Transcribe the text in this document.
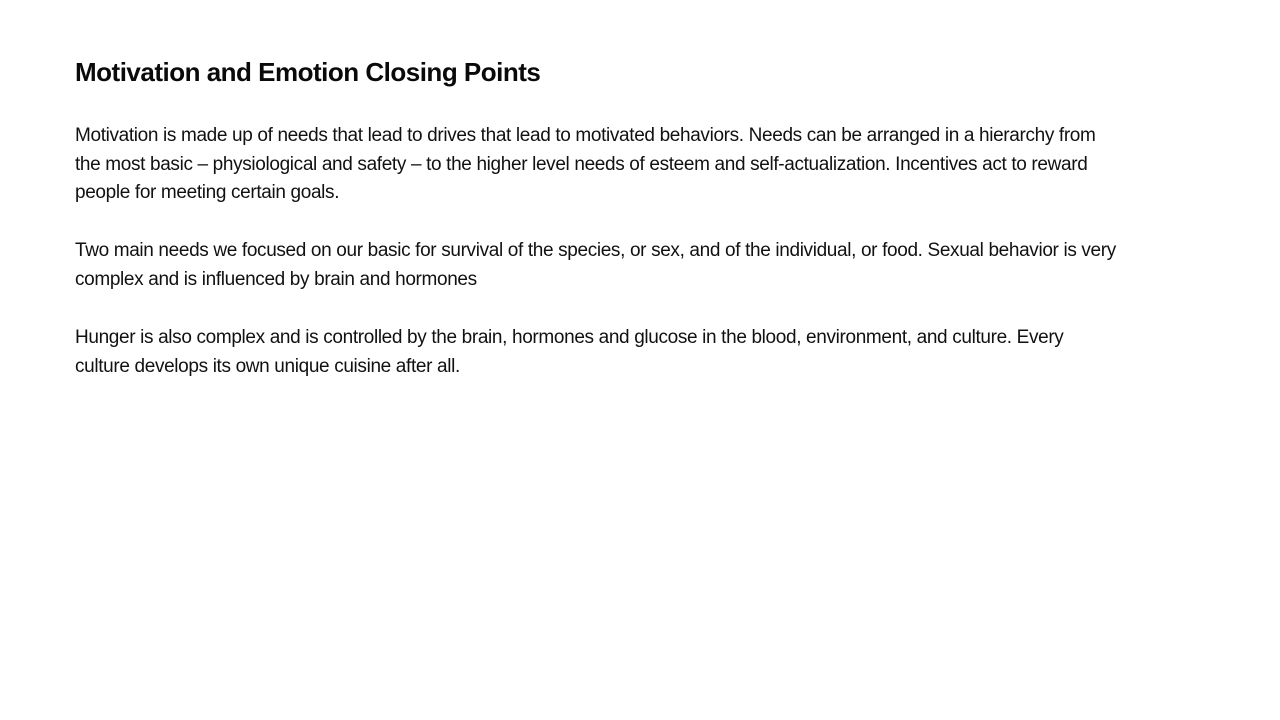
Motivation and Emotion Closing Points

Motivation is made up of needs that lead to drives that lead to motivated behaviors. Needs can be arranged in a hierarchy from
the most basic – physiological and safety – to the higher level needs of esteem and self-actualization. Incentives act to reward
people for meeting certain goals.

Two main needs we focused on our basic for survival of the species, or sex, and of the individual, or food. Sexual behavior is very
complex and is influenced by brain and hormones

Hunger is also complex and is controlled by the brain, hormones and glucose in the blood, environment, and culture. Every
culture develops its own unique cuisine after all.
